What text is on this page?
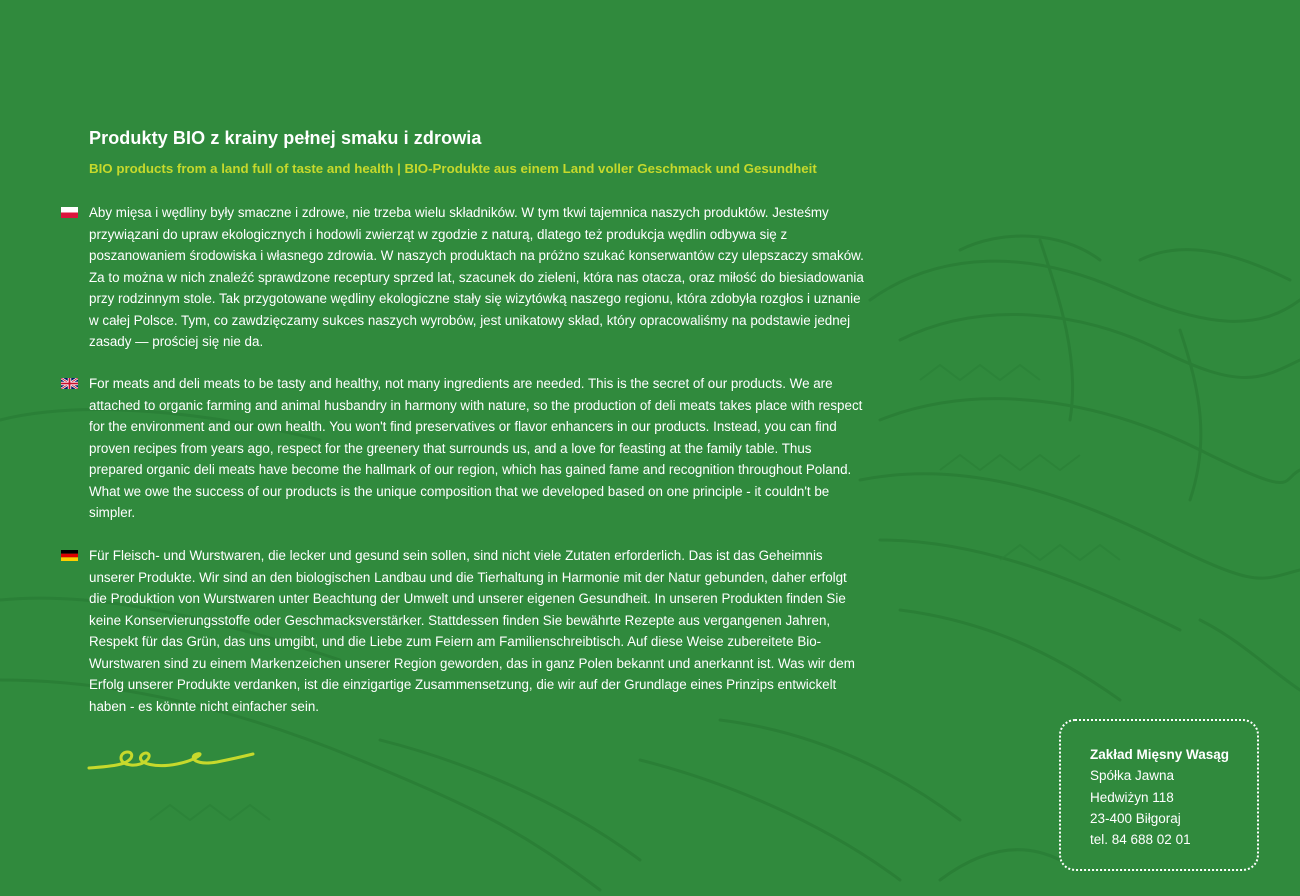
Produkty BIO z krainy pełnej smaku i zdrowia

BIO products from a land full of taste and health | BIO-Produkte aus einem Land voller Geschmack und Gesundheit

Aby mięsa i wędliny były smaczne i zdrowe, nie trzeba wielu składników. W tym tkwi tajemnica naszych produktów. Jesteśmy przywiązani do upraw ekologicznych i hodowli zwierząt w zgodzie z naturą, dlatego też produkcja wędlin odbywa się z poszanowaniem środowiska i własnego zdrowia. W naszych produktach na próżno szukać konserwantów czy ulepszaczy smaków. Za to można w nich znaleźć sprawdzone receptury sprzed lat, szacunek do zieleni, która nas otacza, oraz miłość do biesiadowania przy rodzinnym stole. Tak przygotowane wędliny ekologiczne stały się wizytówką naszego regionu, która zdobyła rozgłos i uznanie w całej Polsce. Tym, co zawdzięczamy sukces naszych wyrobów, jest unikatowy skład, który opracowaliśmy na podstawie jednej zasady — prościej się nie da.

For meats and deli meats to be tasty and healthy, not many ingredients are needed. This is the secret of our products. We are attached to organic farming and animal husbandry in harmony with nature, so the production of deli meats takes place with respect for the environment and our own health. You won't find preservatives or flavor enhancers in our products. Instead, you can find proven recipes from years ago, respect for the greenery that surrounds us, and a love for feasting at the family table. Thus prepared organic deli meats have become the hallmark of our region, which has gained fame and recognition throughout Poland. What we owe the success of our products is the unique composition that we developed based on one principle - it couldn't be simpler.

Für Fleisch- und Wurstwaren, die lecker und gesund sein sollen, sind nicht viele Zutaten erforderlich. Das ist das Geheimnis unserer Produkte. Wir sind an den biologischen Landbau und die Tierhaltung in Harmonie mit der Natur gebunden, daher erfolgt die Produktion von Wurstwaren unter Beachtung der Umwelt und unserer eigenen Gesundheit. In unseren Produkten finden Sie keine Konservierungsstoffe oder Geschmacksverstärker. Stattdessen finden Sie bewährte Rezepte aus vergangenen Jahren, Respekt für das Grün, das uns umgibt, und die Liebe zum Feiern am Familienschreibtisch. Auf diese Weise zubereitete Bio-Wurstwaren sind zu einem Markenzeichen unserer Region geworden, das in ganz Polen bekannt und anerkannt ist. Was wir dem Erfolg unserer Produkte verdanken, ist die einzigartige Zusammensetzung, die wir auf der Grundlage eines Prinzips entwickelt haben - es könnte nicht einfacher sein.

Zakład Mięsny Wasąg
Spółka Jawna
Hedwiżyn 118
23-400 Biłgoraj
tel. 84 688 02 01
